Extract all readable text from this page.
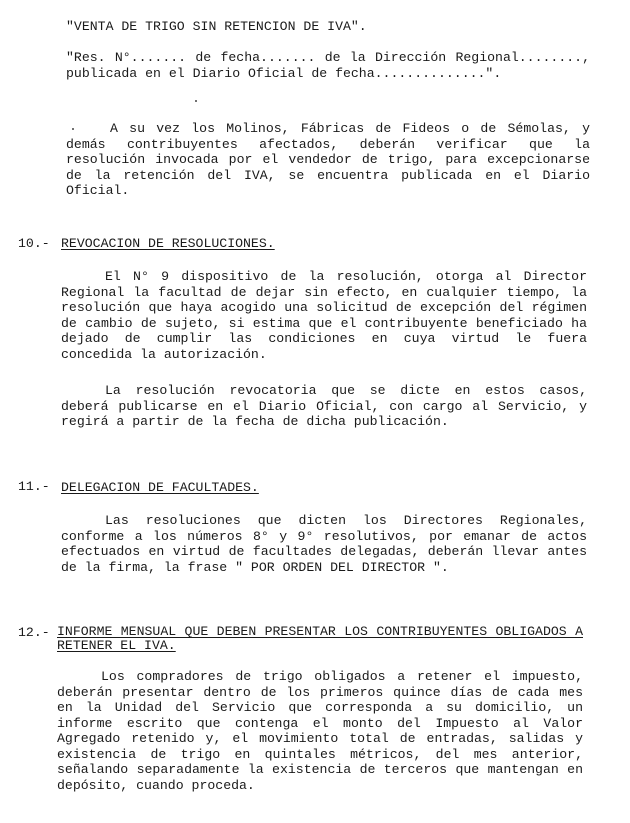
"VENTA DE TRIGO SIN RETENCION DE IVA".

"Res. N°....... de fecha....... de la Dirección Regional........, publicada en el Diario Oficial de fecha..............".

A su vez los Molinos, Fábricas de Fideos o de Sémolas, y demás contribuyentes afectados, deberán verificar que la resolución invocada por el vendedor de trigo, para excepcionarse de la retención del IVA, se encuentra publicada en el Diario Oficial.

10.- REVOCACION DE RESOLUCIONES.

El N° 9 dispositivo de la resolución, otorga al Director Regional la facultad de dejar sin efecto, en cualquier tiempo, la resolución que haya acogido una solicitud de excepción del régimen de cambio de sujeto, si estima que el contribuyente beneficiado ha dejado de cumplir las condiciones en cuya virtud le fuera concedida la autorización.

La resolución revocatoria que se dicte en estos casos, deberá publicarse en el Diario Oficial, con cargo al Servicio, y regirá a partir de la fecha de dicha publicación.

11.- DELEGACION DE FACULTADES.

Las resoluciones que dicten los Directores Regionales, conforme a los números 8° y 9° resolutivos, por emanar de actos efectuados en virtud de facultades delegadas, deberán llevar antes de la firma, la frase " POR ORDEN DEL DIRECTOR ".

12.- INFORME MENSUAL QUE DEBEN PRESENTAR LOS CONTRIBUYENTES OBLIGADOS A RETENER EL IVA.

Los compradores de trigo obligados a retener el impuesto, deberán presentar dentro de los primeros quince días de cada mes en la Unidad del Servicio que corresponda a su domicilio, un informe escrito que contenga el monto del Impuesto al Valor Agregado retenido y, el movimiento total de entradas, salidas y existencia de trigo en quintales métricos, del mes anterior, señalando separadamente la existencia de terceros que mantengan en depósito, cuando proceda.
